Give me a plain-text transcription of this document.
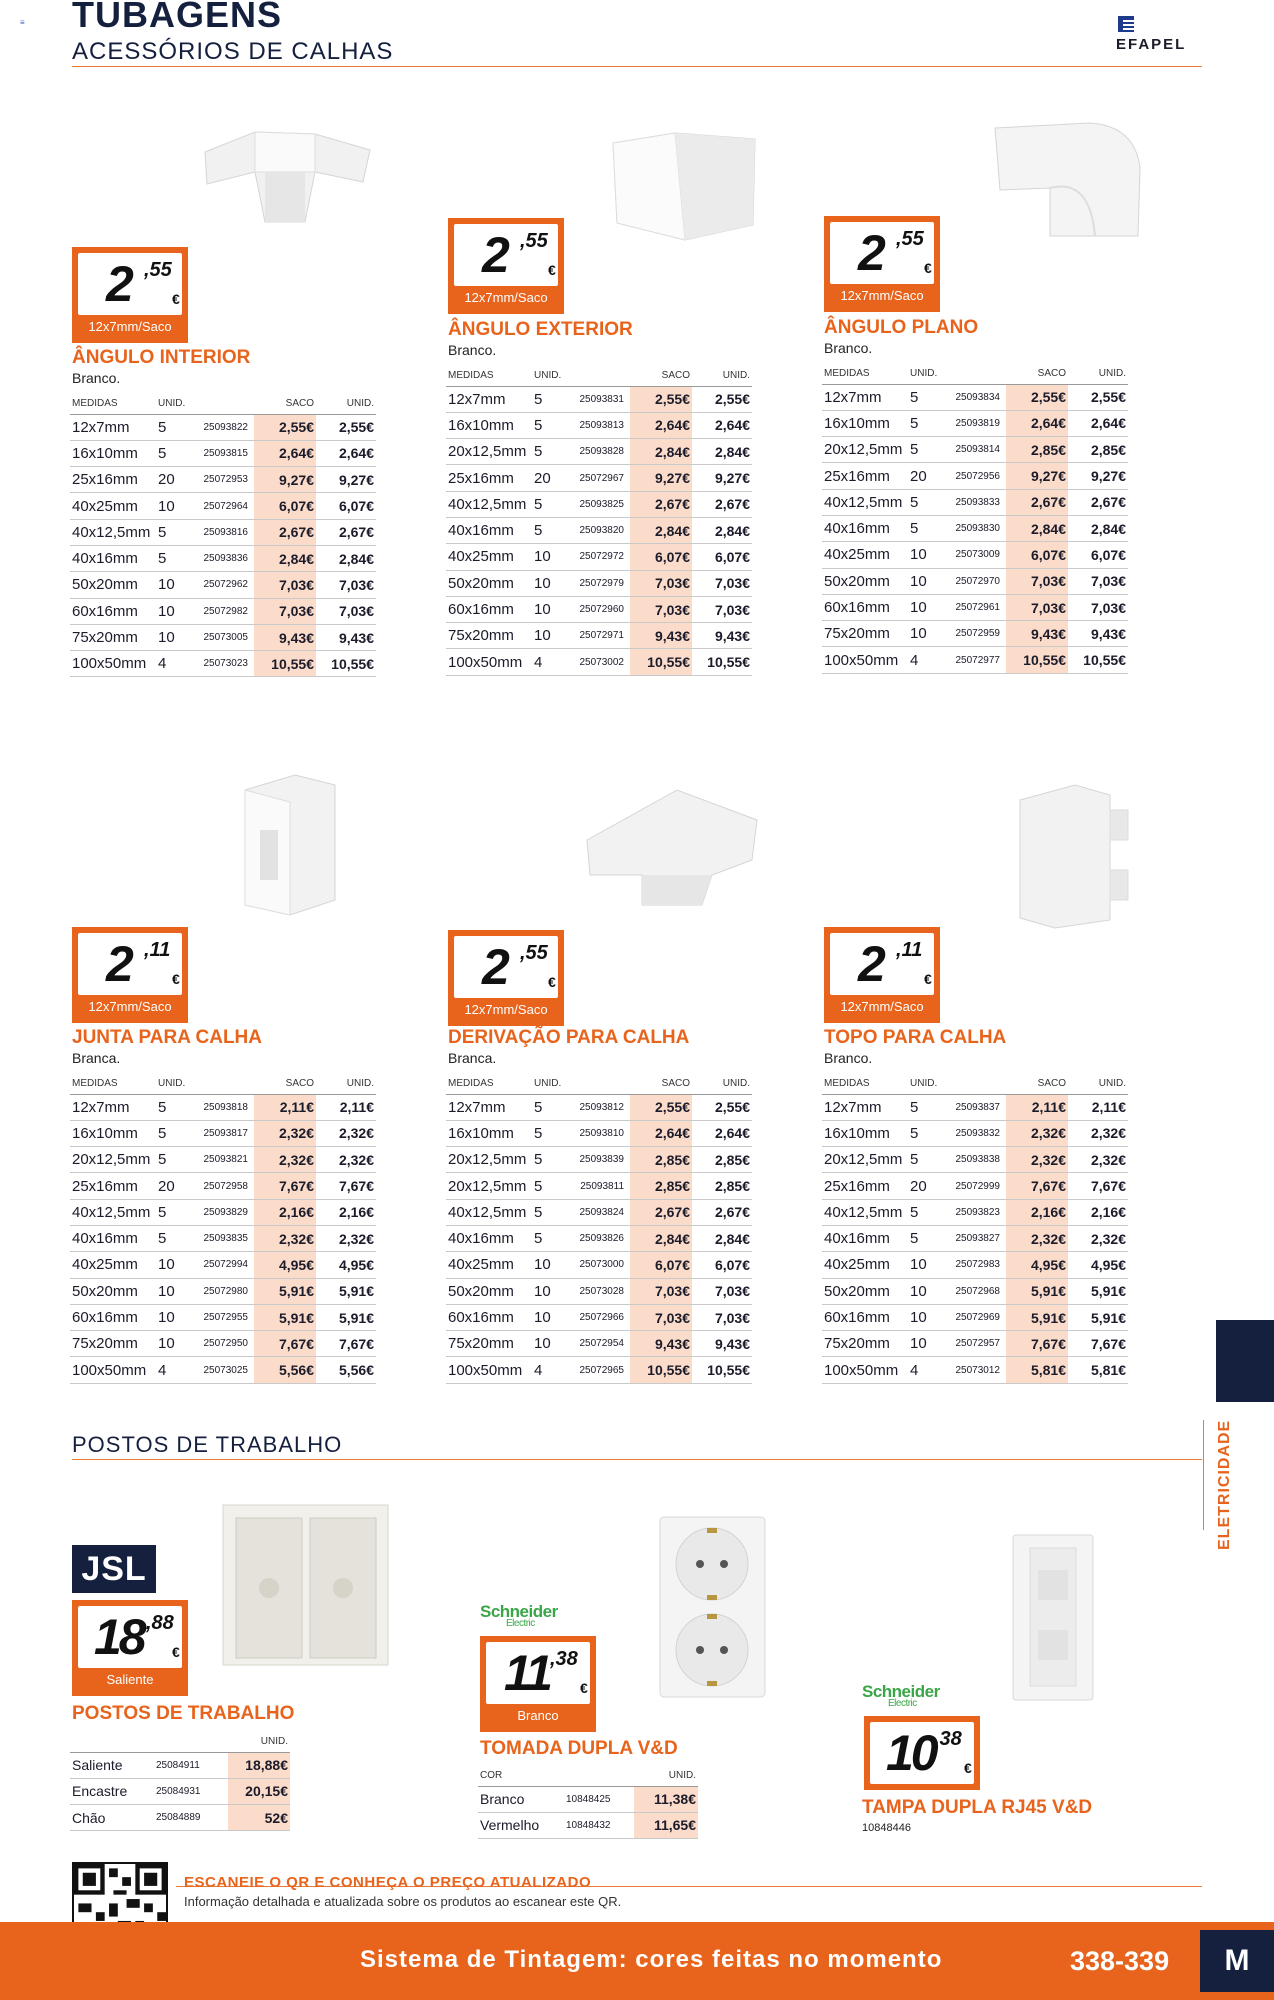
≡ TUBAGENS
ACESSÓRIOS DE CALHAS	EFAPEL
2 ,55
€
12x7mm/Saco
ÂNGULO INTERIOR
Branco.
MEDIDAS	UNID.		SACO	UNID.
12x7mm	5	25093822	2,55€	2,55€
16x10mm	5	25093815	2,64€	2,64€
25x16mm	20	25072953	9,27€	9,27€
40x25mm	10	25072964	6,07€	6,07€
40x12,5mm	5	25093816	2,67€	2,67€
40x16mm	5	25093836	2,84€	2,84€
50x20mm	10	25072962	7,03€	7,03€
60x16mm	10	25072982	7,03€	7,03€
75x20mm	10	25073005	9,43€	9,43€
100x50mm	4	25073023	10,55€	10,55€
2 ,55
€
12x7mm/Saco
ÂNGULO EXTERIOR
Branco.
MEDIDAS	UNID.		SACO	UNID.
12x7mm	5	25093831	2,55€	2,55€
16x10mm	5	25093813	2,64€	2,64€
20x12,5mm	5	25093828	2,84€	2,84€
25x16mm	20	25072967	9,27€	9,27€
40x12,5mm	5	25093825	2,67€	2,67€
40x16mm	5	25093820	2,84€	2,84€
40x25mm	10	25072972	6,07€	6,07€
50x20mm	10	25072979	7,03€	7,03€
60x16mm	10	25072960	7,03€	7,03€
75x20mm	10	25072971	9,43€	9,43€
100x50mm	4	25073002	10,55€	10,55€
2 ,55
€
12x7mm/Saco
ÂNGULO PLANO
Branco.
MEDIDAS	UNID.		SACO	UNID.
12x7mm	5	25093834	2,55€	2,55€
16x10mm	5	25093819	2,64€	2,64€
20x12,5mm	5	25093814	2,85€	2,85€
25x16mm	20	25072956	9,27€	9,27€
40x12,5mm	5	25093833	2,67€	2,67€
40x16mm	5	25093830	2,84€	2,84€
40x25mm	10	25073009	6,07€	6,07€
50x20mm	10	25072970	7,03€	7,03€
60x16mm	10	25072961	7,03€	7,03€
75x20mm	10	25072959	9,43€	9,43€
100x50mm	4	25072977	10,55€	10,55€
2 ,11
€
12x7mm/Saco
JUNTA PARA CALHA
Branca.
MEDIDAS	UNID.		SACO	UNID.
12x7mm	5	25093818	2,11€	2,11€
16x10mm	5	25093817	2,32€	2,32€
20x12,5mm	5	25093821	2,32€	2,32€
25x16mm	20	25072958	7,67€	7,67€
40x12,5mm	5	25093829	2,16€	2,16€
40x16mm	5	25093835	2,32€	2,32€
40x25mm	10	25072994	4,95€	4,95€
50x20mm	10	25072980	5,91€	5,91€
60x16mm	10	25072955	5,91€	5,91€
75x20mm	10	25072950	7,67€	7,67€
100x50mm	4	25073025	5,56€	5,56€
2 ,55
€
12x7mm/Saco
DERIVAÇÃO PARA CALHA
Branca.
MEDIDAS	UNID.		SACO	UNID.
12x7mm	5	25093812	2,55€	2,55€
16x10mm	5	25093810	2,64€	2,64€
20x12,5mm	5	25093839	2,85€	2,85€
20x12,5mm	5	25093811	2,85€	2,85€
40x12,5mm	5	25093824	2,67€	2,67€
40x16mm	5	25093826	2,84€	2,84€
40x25mm	10	25073000	6,07€	6,07€
50x20mm	10	25073028	7,03€	7,03€
60x16mm	10	25072966	7,03€	7,03€
75x20mm	10	25072954	9,43€	9,43€
100x50mm	4	25072965	10,55€	10,55€
2 ,11
€
12x7mm/Saco
TOPO PARA CALHA
Branco.
MEDIDAS	UNID.		SACO	UNID.
12x7mm	5	25093837	2,11€	2,11€
16x10mm	5	25093832	2,32€	2,32€
20x12,5mm	5	25093838	2,32€	2,32€
25x16mm	20	25072999	7,67€	7,67€
40x12,5mm	5	25093823	2,16€	2,16€
40x16mm	5	25093827	2,32€	2,32€
40x25mm	10	25072983	4,95€	4,95€
50x20mm	10	25072968	5,91€	5,91€
60x16mm	10	25072969	5,91€	5,91€
75x20mm	10	25072957	7,67€	7,67€
100x50mm	4	25073012	5,81€	5,81€
ELETRICIDADE
POSTOS DE TRABALHO
JSL
18 ,88
€
Saliente
POSTOS DE TRABALHO
		UNID.
Saliente	25084911	18,88€
Encastre	25084931	20,15€
Chão	25084889	52€
Schneider
Electric
11 ,38
€
Branco
TOMADA DUPLA V&D
COR		UNID.
Branco	10848425	11,38€
Vermelho	10848432	11,65€
Schneider
Electric
10
,38
€
TAMPA DUPLA RJ45 V&D
10848446
ESCANEIE O QR E CONHEÇA O PREÇO ATUALIZADO
Informação detalhada e atualizada sobre os produtos ao escanear este QR.
Sistema de Tintagem: cores feitas no momento	338-339	M
